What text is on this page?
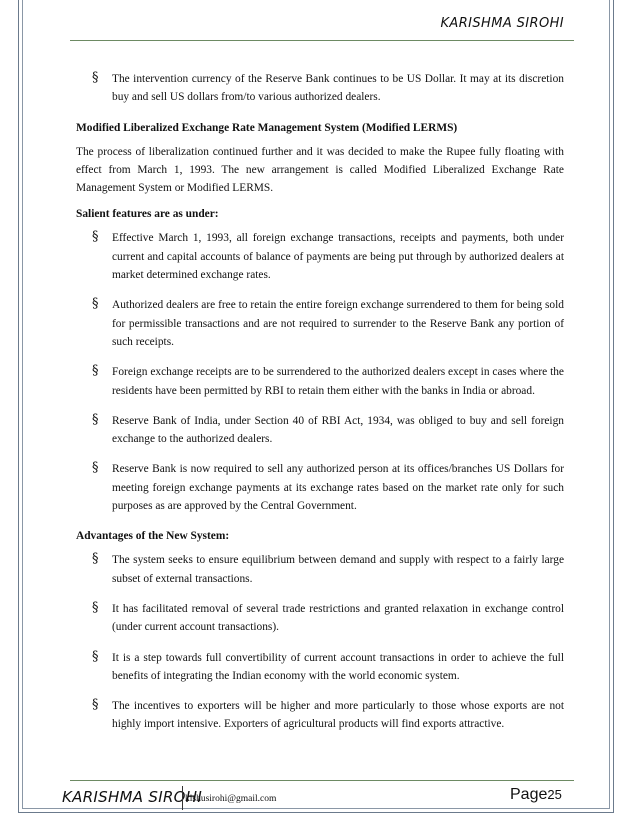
KARISHMA SIROHI
§ The intervention currency of the Reserve Bank continues to be US Dollar. It may at its discretion buy and sell US dollars from/to various authorized dealers.

Modified Liberalized Exchange Rate Management System (Modified LERMS)

The process of liberalization continued further and it was decided to make the Rupee fully floating with effect from March 1, 1993. The new arrangement is called Modified Liberalized Exchange Rate Management System or Modified LERMS.

Salient features are as under:
§ Effective March 1, 1993, all foreign exchange transactions, receipts and payments, both under current and capital accounts of balance of payments are being put through by authorized dealers at market determined exchange rates.

§ Authorized dealers are free to retain the entire foreign exchange surrendered to them for being sold for permissible transactions and are not required to surrender to the Reserve Bank any portion of such receipts.

§ Foreign exchange receipts are to be surrendered to the authorized dealers except in cases where the residents have been permitted by RBI to retain them either with the banks in India or abroad.

§ Reserve Bank of India, under Section 40 of RBI Act, 1934, was obliged to buy and sell foreign exchange to the authorized dealers.

§ Reserve Bank is now required to sell any authorized person at its offices/branches US Dollars for meeting foreign exchange payments at its exchange rates based on the market rate only for such purposes as are approved by the Central Government.

Advantages of the New System:
§ The system seeks to ensure equilibrium between demand and supply with respect to a fairly large subset of external transactions.

§ It has facilitated removal of several trade restrictions and granted relaxation in exchange control (under current account transactions).

§ It is a step towards full convertibility of current account transactions in order to achieve the full benefits of integrating the Indian economy with the world economic system.

§ The incentives to exporters will be higher and more particularly to those whose exports are not highly import intensive. Exporters of agricultural products will find exports attractive.

KARISHMA SIROHI
kishusirohi@gmail.com	Page25
